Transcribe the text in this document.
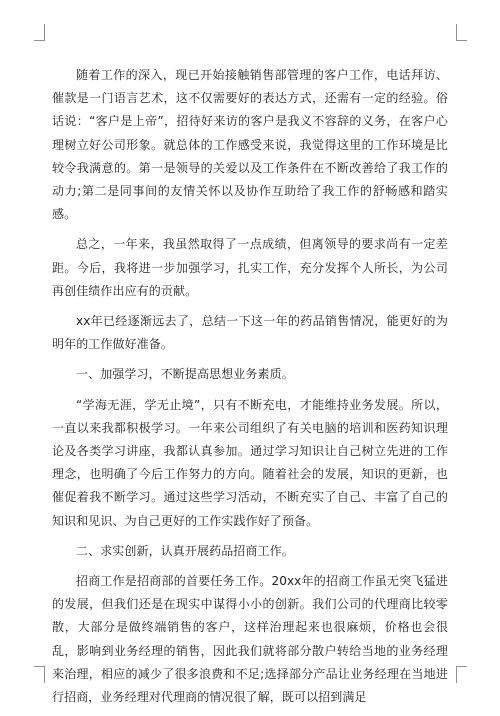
随着工作的深入，现已开始接触销售部管理的客户工作，电话拜访、催款是一门语言艺术，这不仅需要好的表达方式，还需有一定的经验。俗话说：“客户是上帝”，招待好来访的客户是我义不容辞的义务，在客户心理树立好公司形象。就总体的工作感受来说，我觉得这里的工作环境是比较令我满意的。第一是领导的关爱以及工作条件在不断改善给了我工作的动力;第二是同事间的友情关怀以及协作互助给了我工作的舒畅感和踏实感。

总之，一年来，我虽然取得了一点成绩，但离领导的要求尚有一定差距。今后，我将进一步加强学习，扎实工作，充分发挥个人所长，为公司再创佳绩作出应有的贡献。

xx年已经逐渐远去了，总结一下这一年的药品销售情况，能更好的为明年的工作做好准备。

一、加强学习，不断提高思想业务素质。

“学海无涯，学无止境”，只有不断充电，才能维持业务发展。所以，一直以来我都积极学习。一年来公司组织了有关电脑的培训和医药知识理论及各类学习讲座，我都认真参加。通过学习知识让自己树立先进的工作理念，也明确了今后工作努力的方向。随着社会的发展，知识的更新，也催促着我不断学习。通过这些学习活动，不断充实了自己、丰富了自己的知识和见识、为自己更好的工作实践作好了预备。

二、求实创新，认真开展药品招商工作。

招商工作是招商部的首要任务工作。20xx年的招商工作虽无突飞猛进的发展，但我们还是在现实中谋得小小的创新。我们公司的代理商比较零散，大部分是做终端销售的客户，这样治理起来也很麻烦，价格也会很乱，影响到业务经理的销售，因此我们就将部分散户转给当地的业务经理来治理，相应的减少了很多浪费和不足;选择部分产品让业务经理在当地进行招商，业务经理对代理商的情况很了解，既可以招到满足
